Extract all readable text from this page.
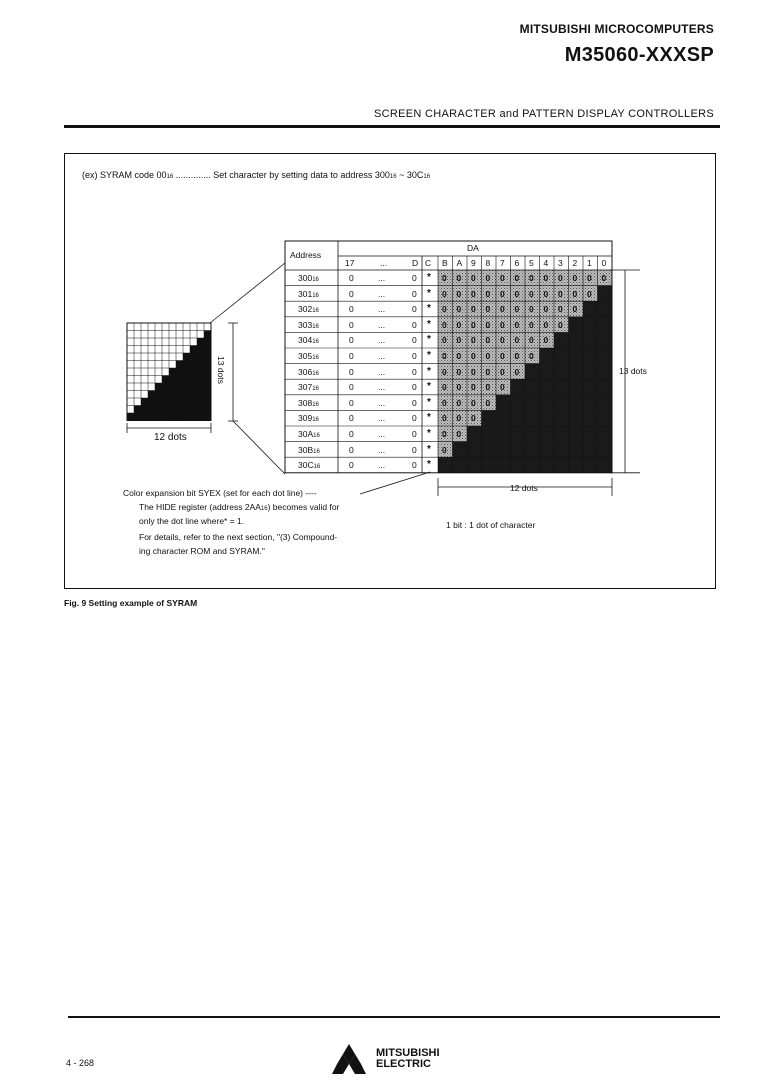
MITSUBISHI MICROCOMPUTERS
M35060-XXXSP
SCREEN CHARACTER and PATTERN DISPLAY CONTROLLERS
(ex) SYRAM code 0016 .............. Set character by setting data to address 30016 ~ 30C16
13 dots
12 dots
13 dots
12 dots
Address
DA
17	...	D C B A 9 8 7 6 5 4 3 2 1 0
30016	0	...	0 * 0 0 0 0 0 0 0 0 0 0 0 0
30116	0	...	0 * 0 0 0 0 0 0 0 0 0 0 0
30216	0	...	0 * 0 0 0 0 0 0 0 0 0 0
30316	0	...	0 * 0 0 0 0 0 0 0 0 0
30416	0	...	0 * 0 0 0 0 0 0 0 0
30516	0	...	0 * 0 0 0 0 0 0 0
30616	0	...	0 * 0 0 0 0 0 0
30716	0	...	0 * 0 0 0 0 0
30816	0	...	0 * 0 0 0 0
30916	0	...	0 * 0 0 0
30A16	0	...	0 * 0 0
30B16	0	...	0 * 0
30C16	0	...	0 *
Color expansion bit SYEX (set for each dot line) ----
The HIDE register (address 2AA16) becomes valid for
only the dot line where* = 1.
For details, refer to the next section, "(3) Compound-
ing character ROM and SYRAM."
1 bit : 1 dot of character
Fig. 9 Setting example of SYRAM
4 - 268
MITSUBISHI
ELECTRIC
